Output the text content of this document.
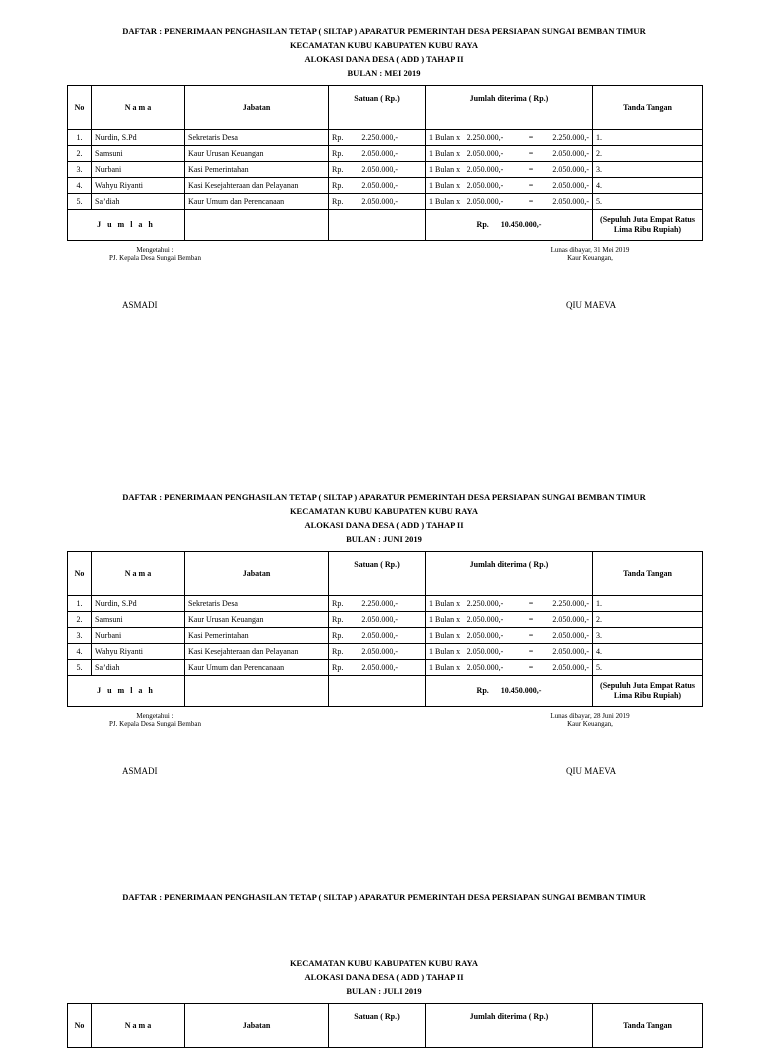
DAFTAR : PENERIMAAN PENGHASILAN TETAP ( SILTAP ) APARATUR PEMERINTAH DESA PERSIAPAN SUNGAI BEMBAN TIMUR
KECAMATAN KUBU KABUPATEN KUBU RAYA
ALOKASI DANA DESA ( ADD ) TAHAP II
BULAN : MEI 2019
No	N a m a	Jabatan	Satuan ( Rp.)	Jumlah diterima ( Rp.)	Tanda Tangan
1.	Nurdin, S.Pd	Sekretaris Desa	Rp. 2.250.000,-	1 Bulan x 2.250.000,- = 2.250.000,-	1.
2.	Samsuni	Kaur Urusan Keuangan	Rp. 2.050.000,-	1 Bulan x 2.050.000,- = 2.050.000,-	2.
3.	Nurbani	Kasi Pemerintahan	Rp. 2.050.000,-	1 Bulan x 2.050.000,- = 2.050.000,-	3.
4.	Wahyu Riyanti	Kasi Kesejahteraan dan Pelayanan	Rp. 2.050.000,-	1 Bulan x 2.050.000,- = 2.050.000,-	4.
5.	Sa’diah	Kaur Umum dan Perencanaan	Rp. 2.050.000,-	1 Bulan x 2.050.000,- = 2.050.000,-	5.
J u m l a h				Rp. 10.450.000,-	(Sepuluh Juta Empat Ratus Lima Ribu Rupiah)
Mengetahui :
PJ. Kepala Desa Sungai Bemban
Lunas dibayar, 31 Mei 2019
Kaur Keuangan,
ASMADI	QIU MAEVA
DAFTAR : PENERIMAAN PENGHASILAN TETAP ( SILTAP ) APARATUR PEMERINTAH DESA PERSIAPAN SUNGAI BEMBAN TIMUR
KECAMATAN KUBU KABUPATEN KUBU RAYA
ALOKASI DANA DESA ( ADD ) TAHAP II
BULAN : JUNI 2019
No	N a m a	Jabatan	Satuan ( Rp.)	Jumlah diterima ( Rp.)	Tanda Tangan
1.	Nurdin, S.Pd	Sekretaris Desa	Rp. 2.250.000,-	1 Bulan x 2.250.000,- = 2.250.000,-	1.
2.	Samsuni	Kaur Urusan Keuangan	Rp. 2.050.000,-	1 Bulan x 2.050.000,- = 2.050.000,-	2.
3.	Nurbani	Kasi Pemerintahan	Rp. 2.050.000,-	1 Bulan x 2.050.000,- = 2.050.000,-	3.
4.	Wahyu Riyanti	Kasi Kesejahteraan dan Pelayanan	Rp. 2.050.000,-	1 Bulan x 2.050.000,- = 2.050.000,-	4.
5.	Sa’diah	Kaur Umum dan Perencanaan	Rp. 2.050.000,-	1 Bulan x 2.050.000,- = 2.050.000,-	5.
J u m l a h				Rp. 10.450.000,-	(Sepuluh Juta Empat Ratus Lima Ribu Rupiah)
Mengetahui :
PJ. Kepala Desa Sungai Bemban
Lunas dibayar, 28 Juni 2019
Kaur Keuangan,
ASMADI	QIU MAEVA
DAFTAR : PENERIMAAN PENGHASILAN TETAP ( SILTAP ) APARATUR PEMERINTAH DESA PERSIAPAN SUNGAI BEMBAN TIMUR
KECAMATAN KUBU KABUPATEN KUBU RAYA
ALOKASI DANA DESA ( ADD ) TAHAP II
BULAN : JULI 2019
No	N a m a	Jabatan	Satuan ( Rp.)	Jumlah diterima ( Rp.)	Tanda Tangan
